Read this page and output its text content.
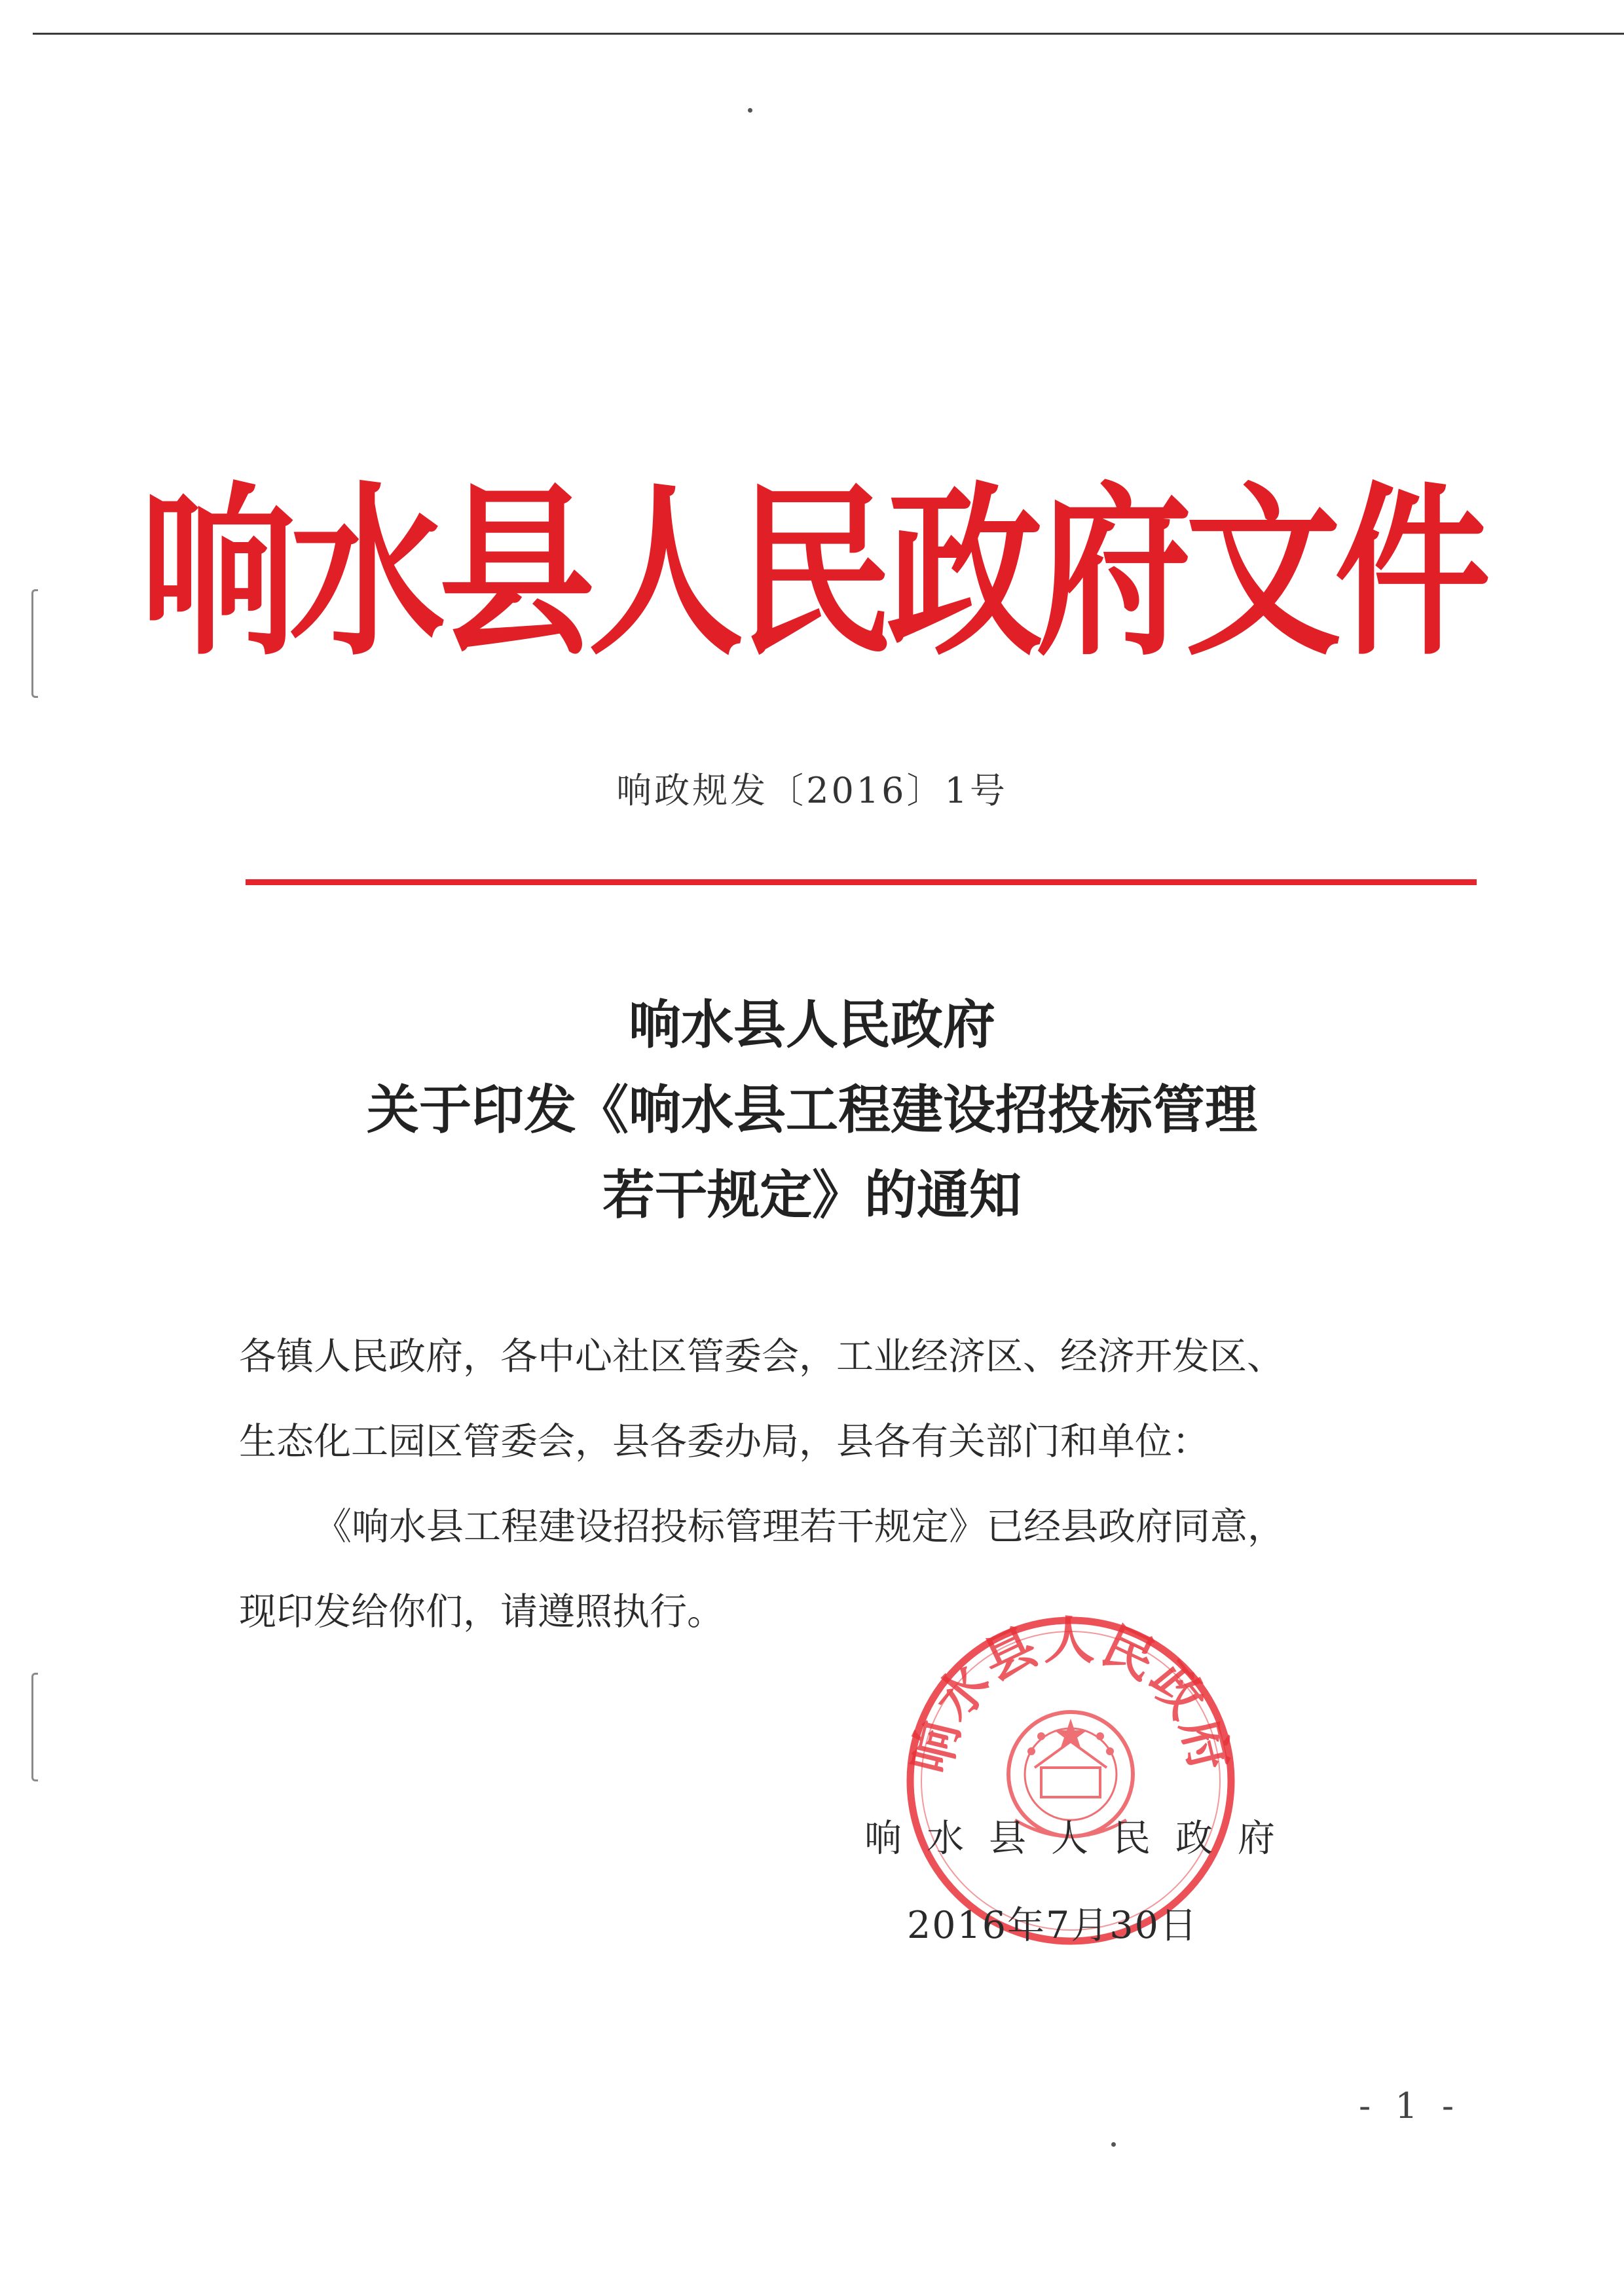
响水县人民政府文件
响政规发〔2016〕1号
响水县人民政府
关于印发《响水县工程建设招投标管理
若干规定》的通知
各镇人民政府，各中心社区管委会，工业经济区、经济开发区、
生态化工园区管委会，县各委办局，县各有关部门和单位：
《响水县工程建设招投标管理若干规定》已经县政府同意，
现印发给你们，请遵照执行。
响水县人民政府
响水县人民政府
2016年7月30日
- 1 -
